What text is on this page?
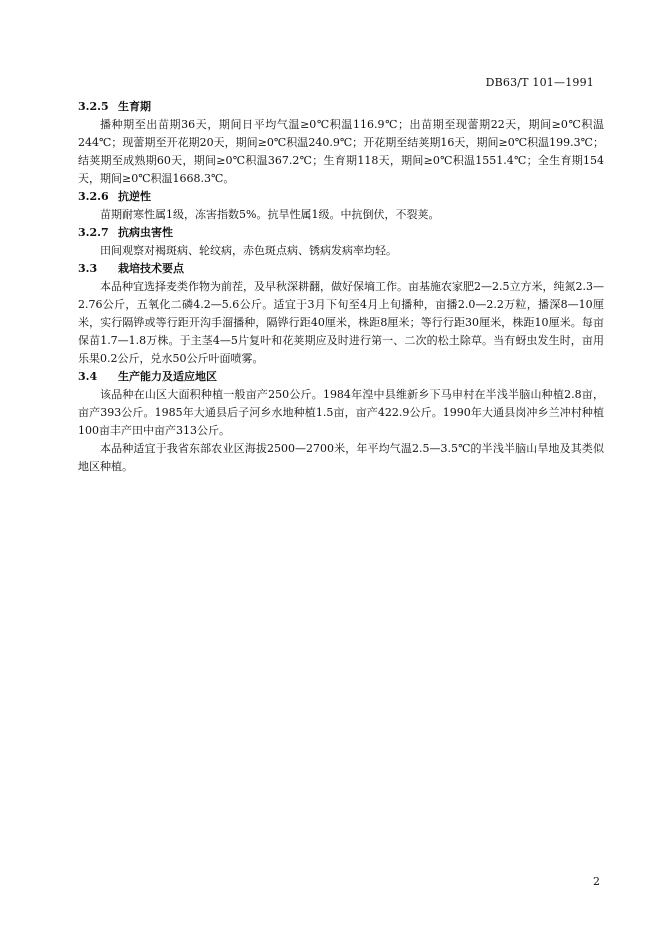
DB63/T 101—1991

3.2.5 生育期

播种期至出苗期36天，期间日平均气温≥0℃积温116.9℃；出苗期至现蕾期22天，期间≥0℃积温244℃；现蕾期至开花期20天，期间≥0℃积温240.9℃；开花期至结荚期16天，期间≥0℃积温199.3℃；结荚期至成熟期60天，期间≥0℃积温367.2℃；生育期118天，期间≥0℃积温1551.4℃；全生育期154天，期间≥0℃积温1668.3℃。

3.2.6 抗逆性

苗期耐寒性属1级，冻害指数5%。抗旱性属1级。中抗倒伏，不裂荚。

3.2.7 抗病虫害性

田间观察对褐斑病、轮纹病，赤色斑点病、锈病发病率均轻。

3.3 栽培技术要点

本品种宜选择麦类作物为前茬，及早秋深耕翻，做好保墒工作。亩基施农家肥2—2.5立方米，纯氮2.3—2.76公斤，五氧化二磷4.2—5.6公斤。适宜于3月下旬至4月上旬播种，亩播2.0—2.2万粒，播深8—10厘米，实行隔铧或等行距开沟手溜播种，隔铧行距40厘米，株距8厘米；等行行距30厘米，株距10厘米。每亩保苗1.7—1.8万株。于主茎4—5片复叶和花荚期应及时进行第一、二次的松土除草。当有蚜虫发生时，亩用乐果0.2公斤，兑水50公斤叶面喷雾。

3.4 生产能力及适应地区

该品种在山区大面积种植一般亩产250公斤。1984年湟中县维新乡下马申村在半浅半脑山种植2.8亩，亩产393公斤。1985年大通县后子河乡水地种植1.5亩，亩产422.9公斤。1990年大通县岗冲乡兰冲村种植100亩丰产田中亩产313公斤。

本品种适宜于我省东部农业区海拔2500—2700米，年平均气温2.5—3.5℃的半浅半脑山旱地及其类似地区种植。

2
